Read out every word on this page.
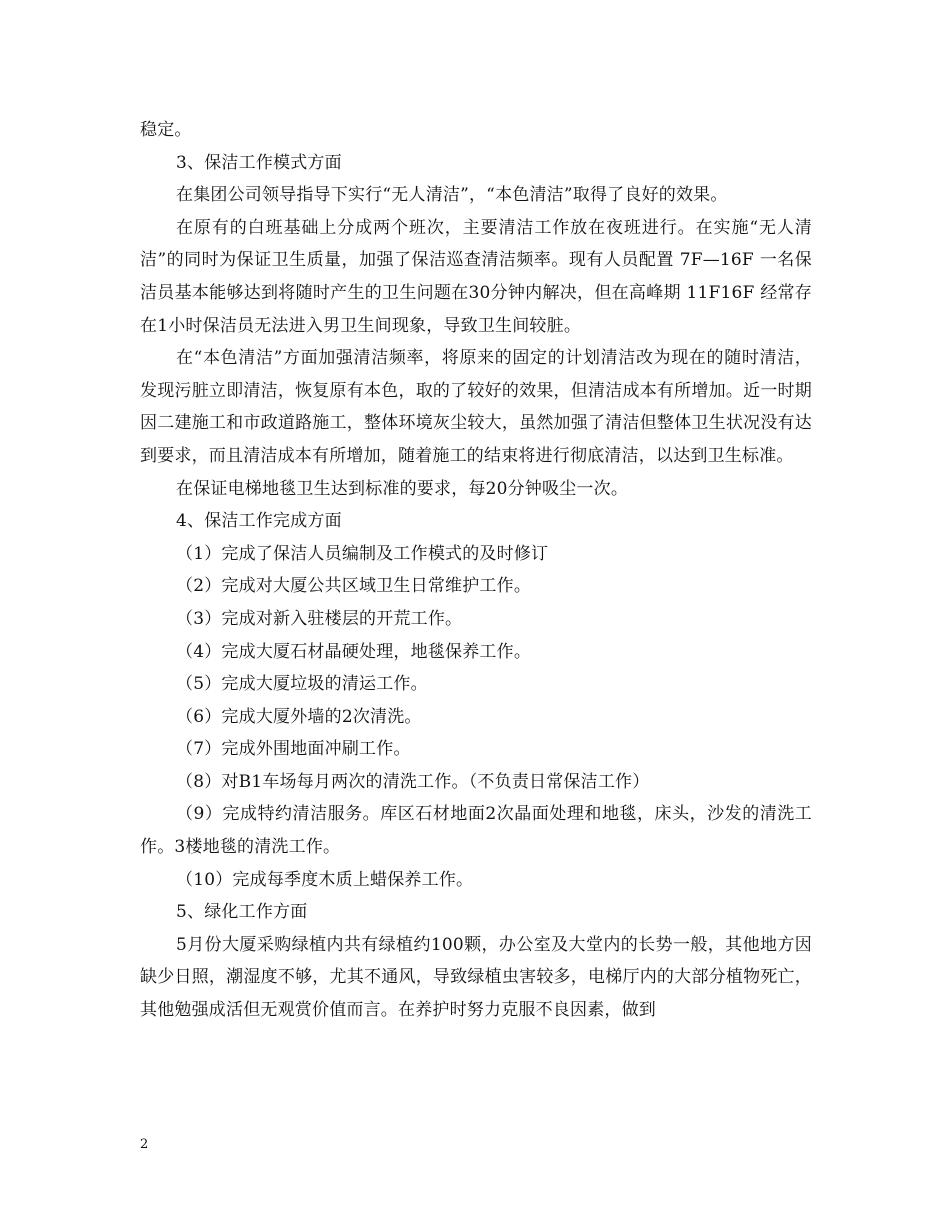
稳定。

3、保洁工作模式方面

在集团公司领导指导下实行“无人清洁”，“本色清洁”取得了良好的效果。

在原有的白班基础上分成两个班次，主要清洁工作放在夜班进行。在实施“无人清洁”的同时为保证卫生质量，加强了保洁巡查清洁频率。现有人员配置 7F—16F 一名保洁员基本能够达到将随时产生的卫生问题在30分钟内解决，但在高峰期 11F16F 经常存在1小时保洁员无法进入男卫生间现象，导致卫生间较脏。

在“本色清洁”方面加强清洁频率，将原来的固定的计划清洁改为现在的随时清洁，发现污脏立即清洁，恢复原有本色，取的了较好的效果，但清洁成本有所增加。近一时期因二建施工和市政道路施工，整体环境灰尘较大，虽然加强了清洁但整体卫生状况没有达到要求，而且清洁成本有所增加，随着施工的结束将进行彻底清洁，以达到卫生标准。

在保证电梯地毯卫生达到标准的要求，每20分钟吸尘一次。

4、保洁工作完成方面

（1）完成了保洁人员编制及工作模式的及时修订

（2）完成对大厦公共区域卫生日常维护工作。

（3）完成对新入驻楼层的开荒工作。

（4）完成大厦石材晶硬处理，地毯保养工作。

（5）完成大厦垃圾的清运工作。

（6）完成大厦外墙的2次清洗。

（7）完成外围地面冲刷工作。

（8）对B1车场每月两次的清洗工作。（不负责日常保洁工作）

（9）完成特约清洁服务。库区石材地面2次晶面处理和地毯，床头，沙发的清洗工作。3楼地毯的清洗工作。

（10）完成每季度木质上蜡保养工作。

5、绿化工作方面

5月份大厦采购绿植内共有绿植约100颗，办公室及大堂内的长势一般，其他地方因缺少日照，潮湿度不够，尤其不通风，导致绿植虫害较多，电梯厅内的大部分植物死亡，其他勉强成活但无观赏价值而言。在养护时努力克服不良因素，做到

2
